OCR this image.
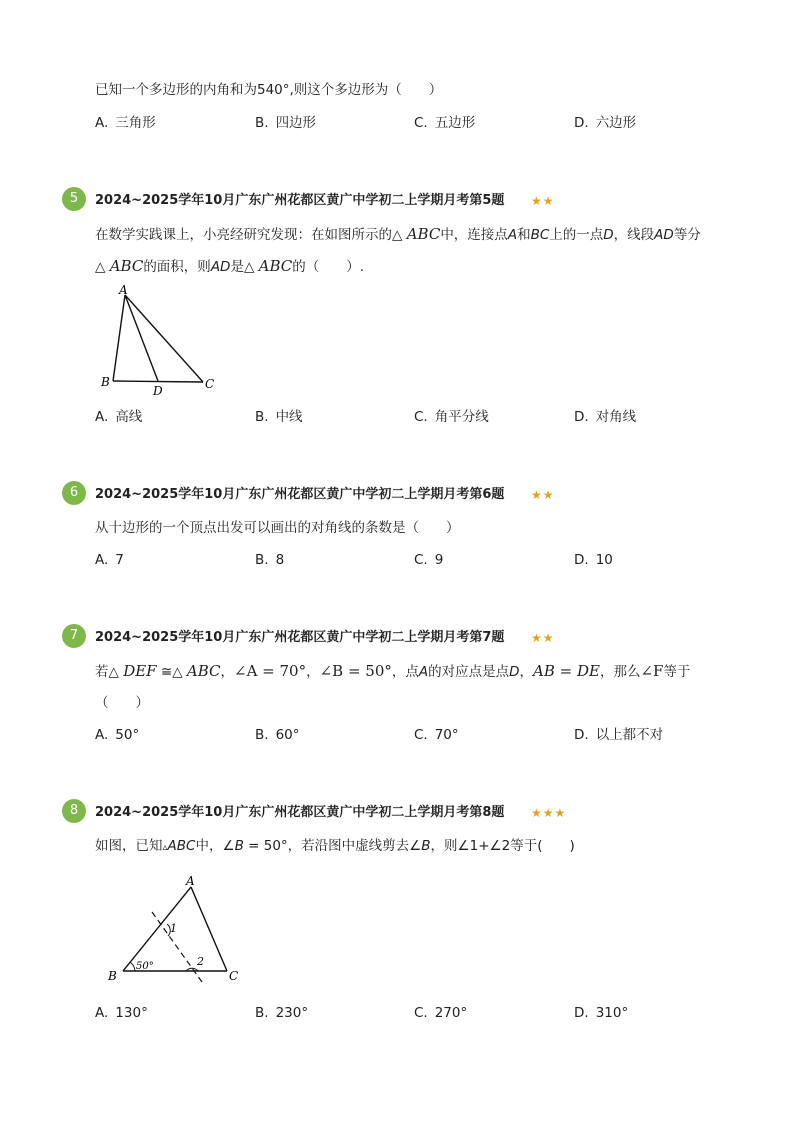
已知一个多边形的内角和为540°,则这个多边形为（　　）
A. 三角形	B. 四边形	C. 五边形	D. 六边形
5	2024~2025学年10月广东广州花都区黄广中学初二上学期月考第5题 ★★
在数学实践课上，小亮经研究发现：在如图所示的△ ABC中，连接点A和BC上的一点D，线段AD等分
△ ABC的面积，则AD是△ ABC的（　　）.
A
B
D	C
A. 高线	B. 中线	C. 角平分线	D. 对角线
6	2024~2025学年10月广东广州花都区黄广中学初二上学期月考第6题 ★★
从十边形的一个顶点出发可以画出的对角线的条数是（　　）
A. 7	B. 8	C. 9	D. 10
7	2024~2025学年10月广东广州花都区黄广中学初二上学期月考第7题 ★★
若△ DEF ≅△ ABC，∠A = 70°，∠B = 50°，点A的对应点是点D，AB = DE，那么∠F等于
（　　）
A. 50°	B. 60°	C. 70°	D. 以上都不对
8	2024~2025学年10月广东广州花都区黄广中学初二上学期月考第8题 ★★★
如图，已知▵ABC中，∠B = 50°，若沿图中虚线剪去∠B，则∠1+∠2等于(　　)
A
B	C
1
2
50°
A. 130°	B. 230°	C. 270°	D. 310°
